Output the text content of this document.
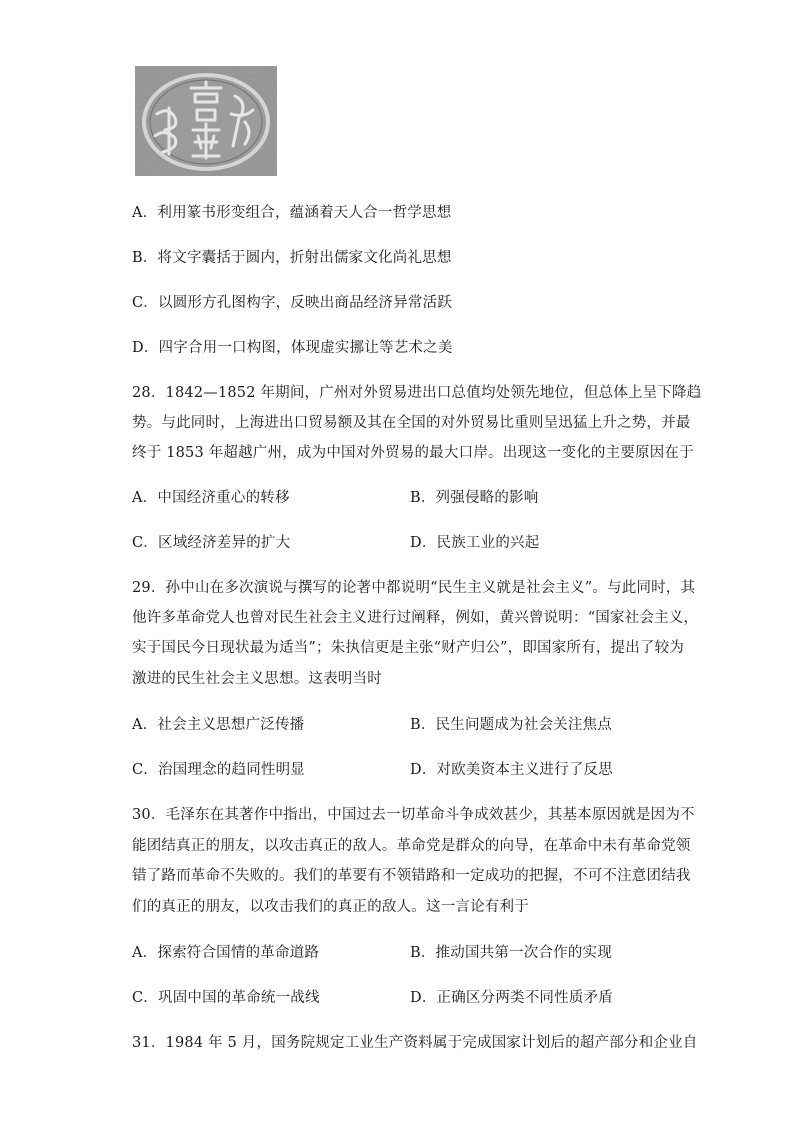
A．利用篆书形变组合，蕴涵着天人合一哲学思想
B．将文字囊括于圆内，折射出儒家文化尚礼思想
C．以圆形方孔图构字，反映出商品经济异常活跃
D．四字合用一口构图，体现虚实挪让等艺术之美
28．1842—1852 年期间，广州对外贸易进出口总值均处领先地位，但总体上呈下降趋
势。与此同时，上海进出口贸易额及其在全国的对外贸易比重则呈迅猛上升之势，并最
终于 1853 年超越广州，成为中国对外贸易的最大口岸。出现这一变化的主要原因在于
A．中国经济重心的转移	B．列强侵略的影响
C．区域经济差异的扩大	D．民族工业的兴起
29．孙中山在多次演说与撰写的论著中都说明“民生主义就是社会主义”。与此同时，其
他许多革命党人也曾对民生社会主义进行过阐释，例如，黄兴曾说明：“国家社会主义，
实于国民今日现状最为适当”；朱执信更是主张“财产归公”，即国家所有，提出了较为
激进的民生社会主义思想。这表明当时
A．社会主义思想广泛传播	B．民生问题成为社会关注焦点
C．治国理念的趋同性明显	D．对欧美资本主义进行了反思
30．毛泽东在其著作中指出，中国过去一切革命斗争成效甚少，其基本原因就是因为不
能团结真正的朋友，以攻击真正的敌人。革命党是群众的向导，在革命中未有革命党领
错了路而革命不失败的。我们的革要有不领错路和一定成功的把握，不可不注意团结我
们的真正的朋友，以攻击我们的真正的敌人。这一言论有利于
A．探索符合国情的革命道路	B．推动国共第一次合作的实现
C．巩固中国的革命统一战线	D．正确区分两类不同性质矛盾
31．1984 年 5 月，国务院规定工业生产资料属于完成国家计划后的超产部分和企业自
